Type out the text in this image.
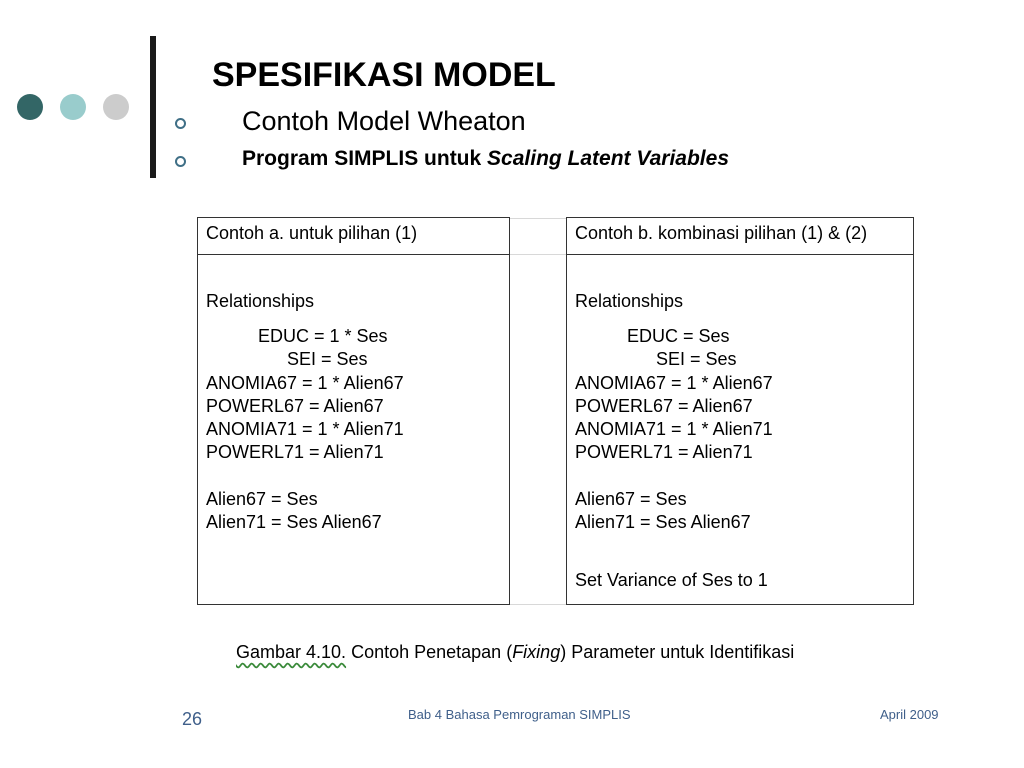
SPESIFIKASI MODEL
Contoh Model Wheaton
Program SIMPLIS untuk Scaling Latent Variables
Contoh a. untuk pilihan (1)
Relationships
EDUC = 1 * Ses
SEI = Ses
ANOMIA67 = 1 * Alien67
POWERL67 = Alien67
ANOMIA71 = 1 * Alien71
POWERL71 = Alien71
Alien67 = Ses
Alien71 = Ses Alien67
Contoh b. kombinasi pilihan (1) & (2)
Relationships
EDUC = Ses
SEI = Ses
ANOMIA67 = 1 * Alien67
POWERL67 = Alien67
ANOMIA71 = 1 * Alien71
POWERL71 = Alien71
Alien67 = Ses
Alien71 = Ses Alien67
Set Variance of Ses to 1
Gambar 4.10. Contoh Penetapan (Fixing) Parameter untuk Identifikasi
26	Bab 4 Bahasa Pemrograman SIMPLIS	April 2009
